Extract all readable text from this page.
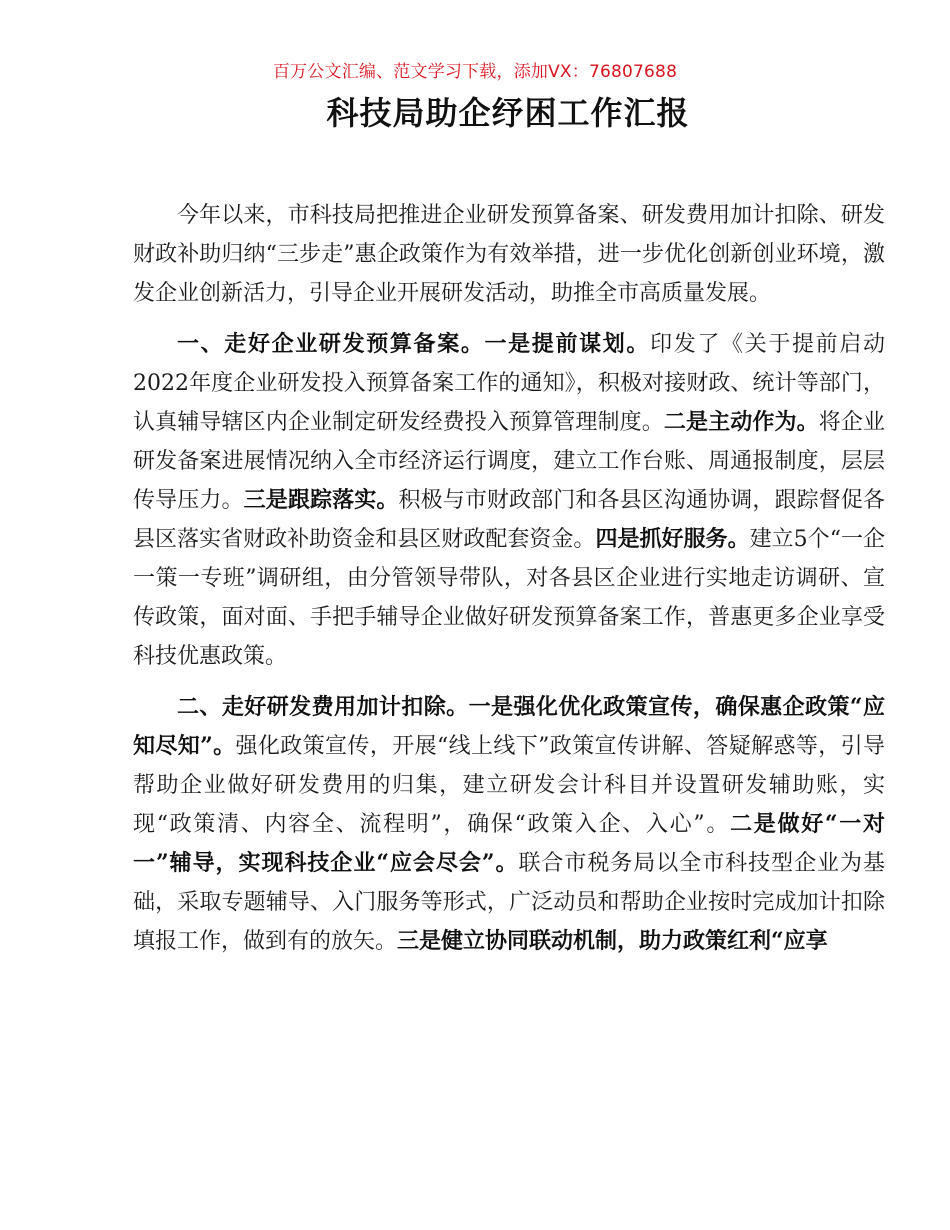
百万公文汇编、范文学习下载，添加VX：76807688
科技局助企纾困工作汇报

今年以来，市科技局把推进企业研发预算备案、研发费用加计扣除、研发财政补助归纳“三步走”惠企政策作为有效举措，进一步优化创新创业环境，激发企业创新活力，引导企业开展研发活动，助推全市高质量发展。

一、走好企业研发预算备案。一是提前谋划。印发了《关于提前启动2022年度企业研发投入预算备案工作的通知》，积极对接财政、统计等部门，认真辅导辖区内企业制定研发经费投入预算管理制度。二是主动作为。将企业研发备案进展情况纳入全市经济运行调度，建立工作台账、周通报制度，层层传导压力。三是跟踪落实。积极与市财政部门和各县区沟通协调，跟踪督促各县区落实省财政补助资金和县区财政配套资金。四是抓好服务。建立5个“一企一策一专班”调研组，由分管领导带队，对各县区企业进行实地走访调研、宣传政策，面对面、手把手辅导企业做好研发预算备案工作，普惠更多企业享受科技优惠政策。

二、走好研发费用加计扣除。一是强化优化政策宣传，确保惠企政策“应知尽知”。强化政策宣传，开展“线上线下”政策宣传讲解、答疑解惑等，引导帮助企业做好研发费用的归集，建立研发会计科目并设置研发辅助账，实现“政策清、内容全、流程明”，确保“政策入企、入心”。二是做好“一对一”辅导，实现科技企业“应会尽会”。联合市税务局以全市科技型企业为基础，采取专题辅导、入门服务等形式，广泛动员和帮助企业按时完成加计扣除填报工作，做到有的放矢。三是健立协同联动机制，助力政策红利“应享
